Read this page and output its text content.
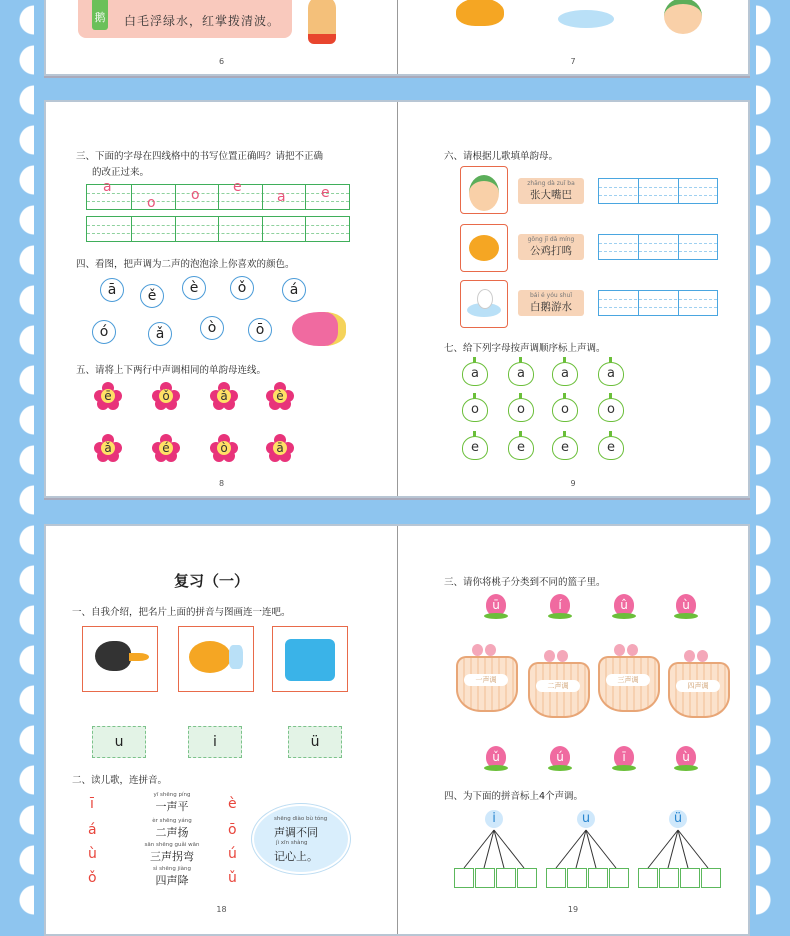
鹅 白毛浮绿水，红掌拨清波。
6	7
三、下面的字母在四线格中的书写位置正确吗？请把不正确
的改正过来。
a
o	o e
a	e
四、看图，把声调为二声的泡泡涂上你喜欢的颜色。
ā	ě	è	ǒ	á
ó	ǎ	ò	ō
五、请将上下两行中声调相同的单韵母连线。
ē	ǒ	ǎ	è
ǎ	é	ò	ā
8
六、请根据儿歌填单韵母。
zhāng dà zuǐ ba
张大嘴巴
gōng jī dǎ míng
公鸡打鸣
bái é yóu shuǐ
白鹅游水
七、给下列字母按声调顺序标上声调。
a	a	a	a
o	o	o	o
e	e	e	e
9
复习（一）
一、自我介绍，把名片上面的拼音与图画连一连吧。
u	i	ü
二、读儿歌，连拼音。
ī
á
ù
ǒ
yī shēng píng
一声平
èr shēng yáng
二声扬
sān shēng guǎi wān
三声拐弯
sì shēng jiàng
四声降
è
ō
ú
ǔ
shēng diào bù tóng
声调不同
jì xīn shàng
记心上。
18
三、请你将桃子分类到不同的篮子里。
ū	í	û	ù
一声调
二声调
三声调
四声调
ǔ	ú	ī	ù
四、为下面的拼音标上4个声调。
i	u	ü
19
